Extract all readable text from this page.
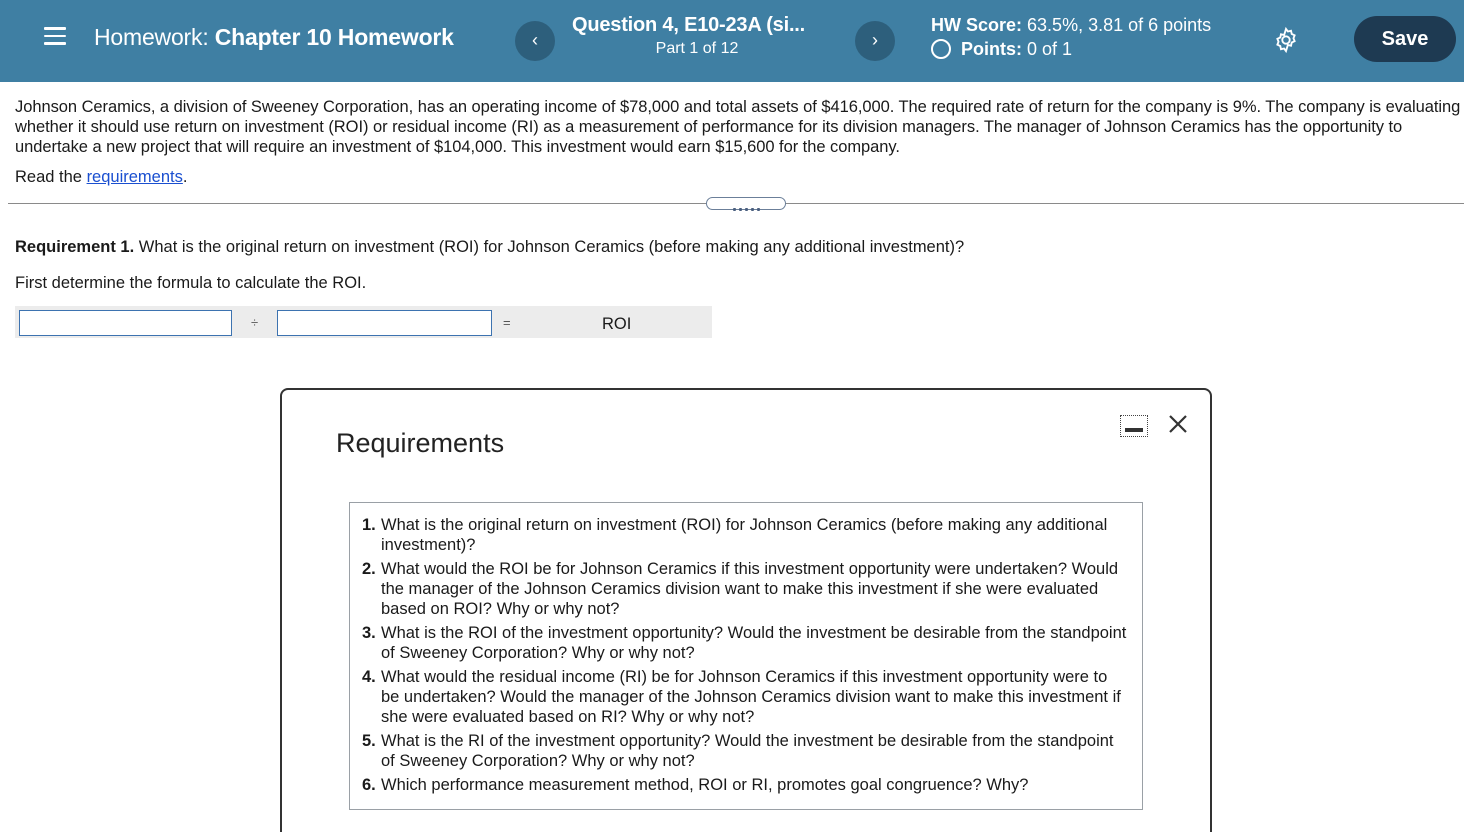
Homework: Chapter 10 Homework	‹
Question 4, E10-23A (si...
Part 1 of 12	›
HW Score: 63.5%, 3.81 of 6 points
Points: 0 of 1	Save
Johnson Ceramics, a division of Sweeney Corporation, has an operating income of $78,000 and total assets of $416,000. The required rate of return for the company is 9%. The company is evaluating whether it should use return on investment (ROI) or residual income (RI) as a measurement of performance for its division managers. The manager of Johnson Ceramics has the opportunity to undertake a new project that will require an investment of $104,000. This investment would earn $15,600 for the company.
Read the requirements.
Requirement 1. What is the original return on investment (ROI) for Johnson Ceramics (before making any additional investment)?
First determine the formula to calculate the ROI.
÷	=	ROI
Requirements
1. What is the original return on investment (ROI) for Johnson Ceramics (before making any additional investment)?
2. What would the ROI be for Johnson Ceramics if this investment opportunity were undertaken? Would the manager of the Johnson Ceramics division want to make this investment if she were evaluated based on ROI? Why or why not?
3. What is the ROI of the investment opportunity? Would the investment be desirable from the standpoint of Sweeney Corporation? Why or why not?
4. What would the residual income (RI) be for Johnson Ceramics if this investment opportunity were to be undertaken? Would the manager of the Johnson Ceramics division want to make this investment if she were evaluated based on RI? Why or why not?
5. What is the RI of the investment opportunity? Would the investment be desirable from the standpoint of Sweeney Corporation? Why or why not?
6. Which performance measurement method, ROI or RI, promotes goal congruence? Why?
